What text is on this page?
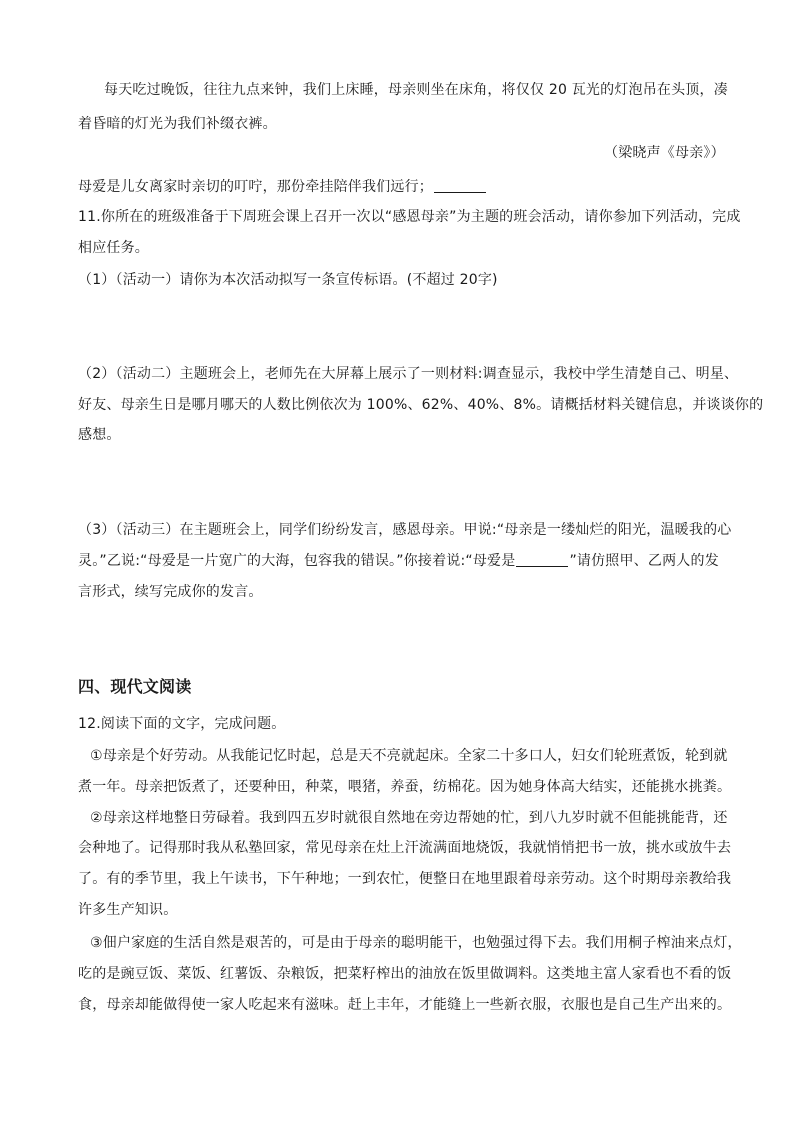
每天吃过晚饭，往往九点来钟，我们上床睡，母亲则坐在床角，将仅仅 20 瓦光的灯泡吊在头顶，凑
着昏暗的灯光为我们补缀衣裤。
（梁晓声《母亲》）
母爱是儿女离家时亲切的叮咛，那份牵挂陪伴我们远行；
11.你所在的班级准备于下周班会课上召开一次以“感恩母亲”为主题的班会活动，请你参加下列活动，完成
相应任务。
（1）（活动一）请你为本次活动拟写一条宣传标语。(不超过 20字)
（2）（活动二）主题班会上，老师先在大屏幕上展示了一则材料:调查显示，我校中学生清楚自己、明星、
好友、母亲生日是哪月哪天的人数比例依次为 100%、62%、40%、8%。请概括材料关键信息，并谈谈你的
感想。
（3）（活动三）在主题班会上，同学们纷纷发言，感恩母亲。甲说:“母亲是一缕灿烂的阳光，温暖我的心
灵。”乙说:“母爱是一片宽广的大海，包容我的错误。”你接着说:“母爱是	”请仿照甲、乙两人的发
言形式，续写完成你的发言。
四、现代文阅读
12.阅读下面的文字，完成问题。
①母亲是个好劳动。从我能记忆时起，总是天不亮就起床。全家二十多口人，妇女们轮班煮饭，轮到就
煮一年。母亲把饭煮了，还要种田，种菜，喂猪，养蚕，纺棉花。因为她身体高大结实，还能挑水挑粪。
②母亲这样地整日劳碌着。我到四五岁时就很自然地在旁边帮她的忙，到八九岁时就不但能挑能背，还
会种地了。记得那时我从私塾回家，常见母亲在灶上汗流满面地烧饭，我就悄悄把书一放，挑水或放牛去
了。有的季节里，我上午读书，下午种地；一到农忙，便整日在地里跟着母亲劳动。这个时期母亲教给我
许多生产知识。
③佃户家庭的生活自然是艰苦的，可是由于母亲的聪明能干，也勉强过得下去。我们用桐子榨油来点灯，
吃的是豌豆饭、菜饭、红薯饭、杂粮饭，把菜籽榨出的油放在饭里做调料。这类地主富人家看也不看的饭
食，母亲却能做得使一家人吃起来有滋味。赶上丰年，才能缝上一些新衣服，衣服也是自己生产出来的。
